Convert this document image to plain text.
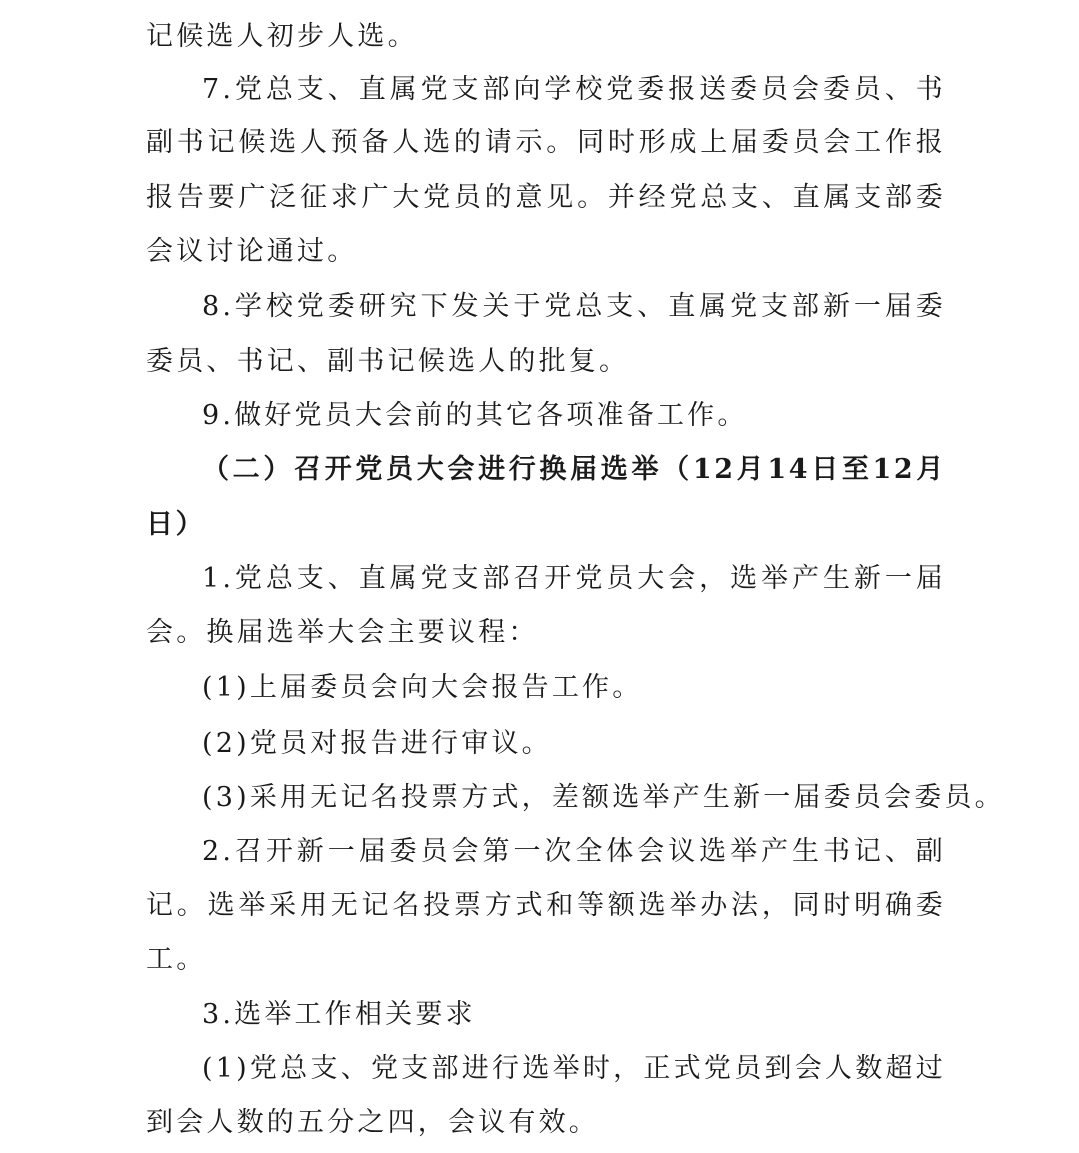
记候选人初步人选。
7.党总支、直属党支部向学校党委报送委员会委员、书
副书记候选人预备人选的请示。同时形成上届委员会工作报
报告要广泛征求广大党员的意见。并经党总支、直属支部委
会议讨论通过。
8.学校党委研究下发关于党总支、直属党支部新一届委
委员、书记、副书记候选人的批复。
9.做好党员大会前的其它各项准备工作。
（二）召开党员大会进行换届选举（12月14日至12月
日）
1.党总支、直属党支部召开党员大会，选举产生新一届
会。换届选举大会主要议程：
(1)上届委员会向大会报告工作。
(2)党员对报告进行审议。
(3)采用无记名投票方式，差额选举产生新一届委员会委员。
2.召开新一届委员会第一次全体会议选举产生书记、副
记。选举采用无记名投票方式和等额选举办法，同时明确委
工。
3.选举工作相关要求
(1)党总支、党支部进行选举时，正式党员到会人数超过
到会人数的五分之四，会议有效。
